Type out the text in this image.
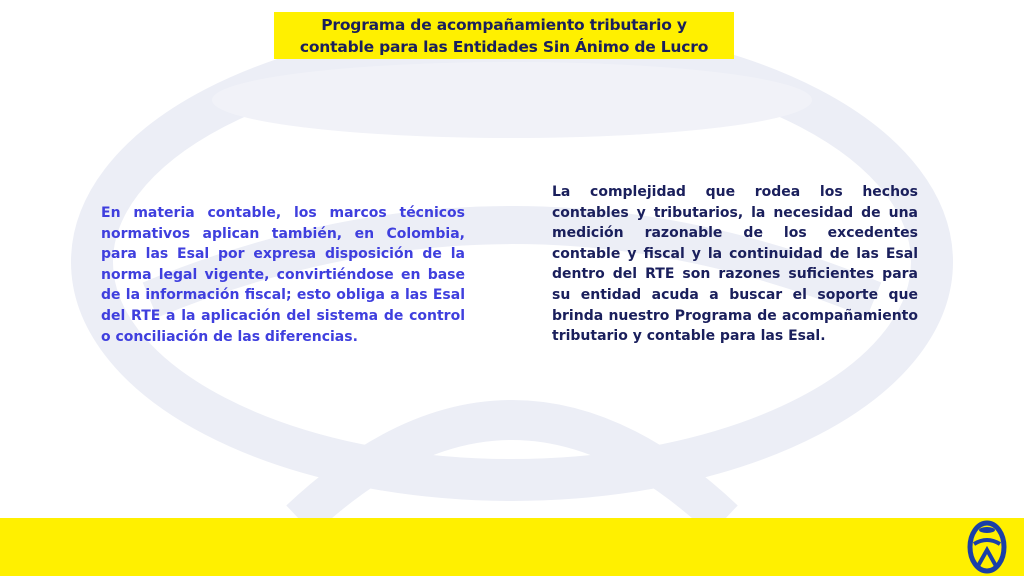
Programa de acompañamiento tributario y
contable para las Entidades Sin Ánimo de Lucro
En materia contable, los marcos técnicos normativos aplican también, en Colombia, para las Esal por expresa disposición de la norma legal vigente, convirtiéndose en base de la información fiscal; esto obliga a las Esal del RTE a la aplicación del sistema de control o conciliación de las diferencias.
La complejidad que rodea los hechos contables y tributarios, la necesidad de una medición razonable de los excedentes contable y fiscal y la continuidad de las Esal dentro del RTE son razones suficientes para su entidad acuda a buscar el soporte que brinda nuestro Programa de acompañamiento tributario y contable para las Esal.
